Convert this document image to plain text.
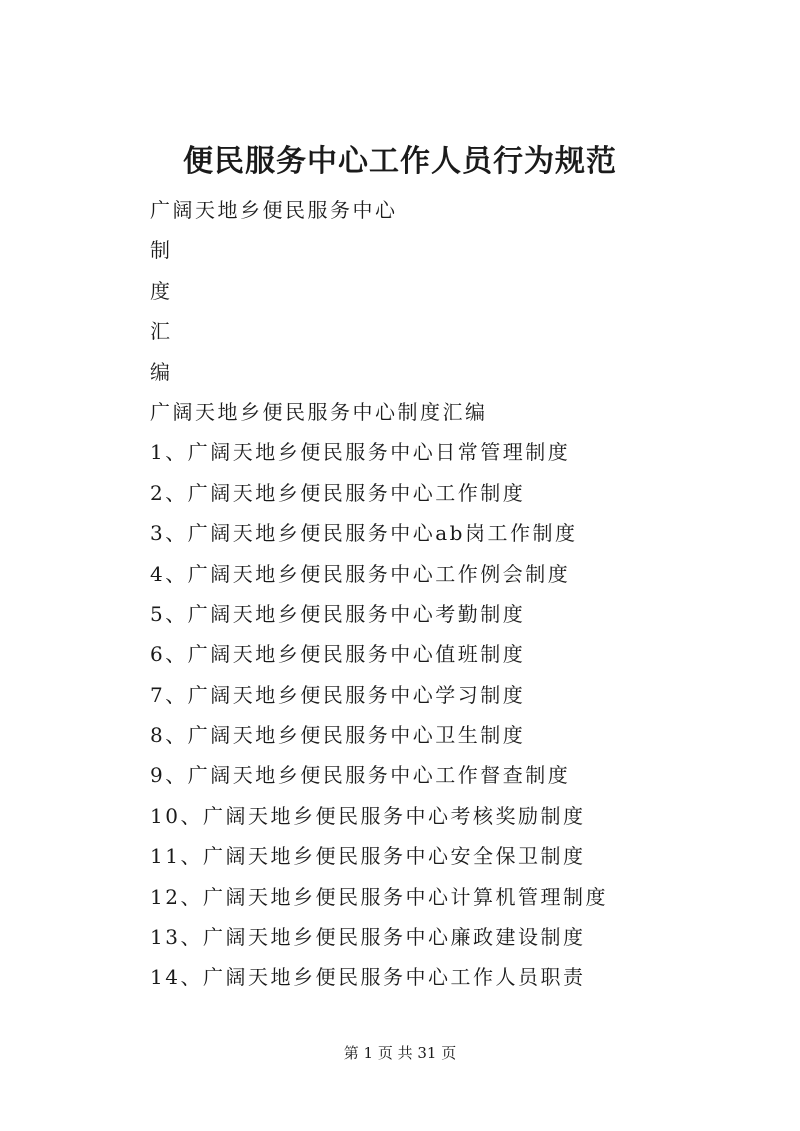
便民服务中心工作人员行为规范
广阔天地乡便民服务中心
制
度
汇
编
广阔天地乡便民服务中心制度汇编
1、广阔天地乡便民服务中心日常管理制度
2、广阔天地乡便民服务中心工作制度
3、广阔天地乡便民服务中心ab岗工作制度
4、广阔天地乡便民服务中心工作例会制度
5、广阔天地乡便民服务中心考勤制度
6、广阔天地乡便民服务中心值班制度
7、广阔天地乡便民服务中心学习制度
8、广阔天地乡便民服务中心卫生制度
9、广阔天地乡便民服务中心工作督查制度
10、广阔天地乡便民服务中心考核奖励制度
11、广阔天地乡便民服务中心安全保卫制度
12、广阔天地乡便民服务中心计算机管理制度
13、广阔天地乡便民服务中心廉政建设制度
14、广阔天地乡便民服务中心工作人员职责
第 1 页 共 31 页
